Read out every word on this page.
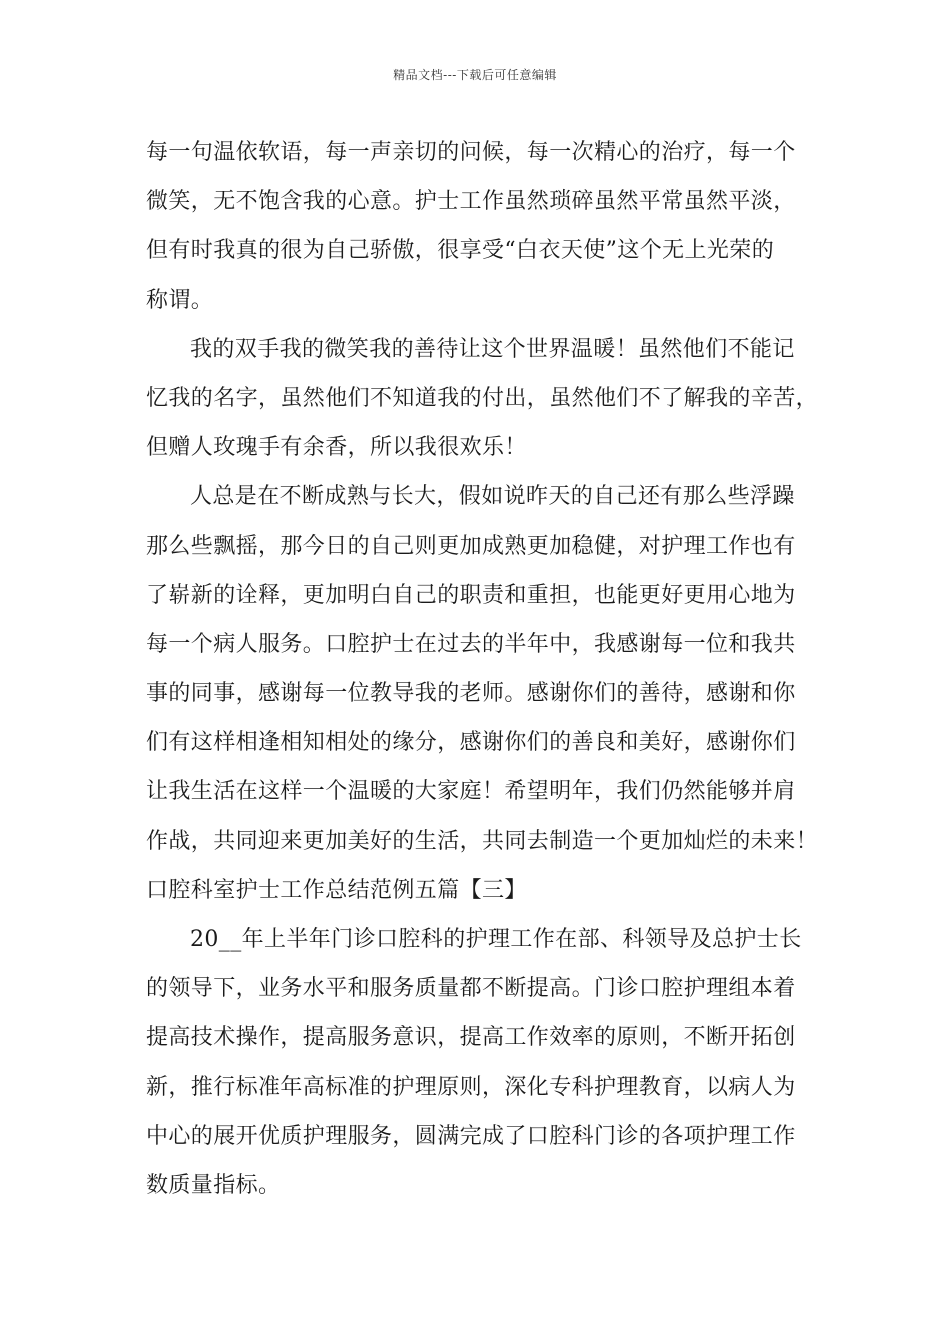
精品文档---下载后可任意编辑
每一句温依软语，每一声亲切的问候，每一次精心的治疗，每一个
微笑，无不饱含我的心意。护士工作虽然琐碎虽然平常虽然平淡，
但有时我真的很为自己骄傲，很享受“白衣天使”这个无上光荣的
称谓。
我的双手我的微笑我的善待让这个世界温暖！虽然他们不能记
忆我的名字，虽然他们不知道我的付出，虽然他们不了解我的辛苦，
但赠人玫瑰手有余香，所以我很欢乐！
人总是在不断成熟与长大，假如说昨天的自己还有那么些浮躁
那么些飘摇，那今日的自己则更加成熟更加稳健，对护理工作也有
了崭新的诠释，更加明白自己的职责和重担，也能更好更用心地为
每一个病人服务。口腔护士在过去的半年中，我感谢每一位和我共
事的同事，感谢每一位教导我的老师。感谢你们的善待，感谢和你
们有这样相逢相知相处的缘分，感谢你们的善良和美好，感谢你们
让我生活在这样一个温暖的大家庭！希望明年，我们仍然能够并肩
作战，共同迎来更加美好的生活，共同去制造一个更加灿烂的未来！
口腔科室护士工作总结范例五篇【三】
20__年上半年门诊口腔科的护理工作在部、科领导及总护士长
的领导下，业务水平和服务质量都不断提高。门诊口腔护理组本着
提高技术操作，提高服务意识，提高工作效率的原则，不断开拓创
新，推行标准年高标准的护理原则，深化专科护理教育，以病人为
中心的展开优质护理服务，圆满完成了口腔科门诊的各项护理工作
数质量指标。
